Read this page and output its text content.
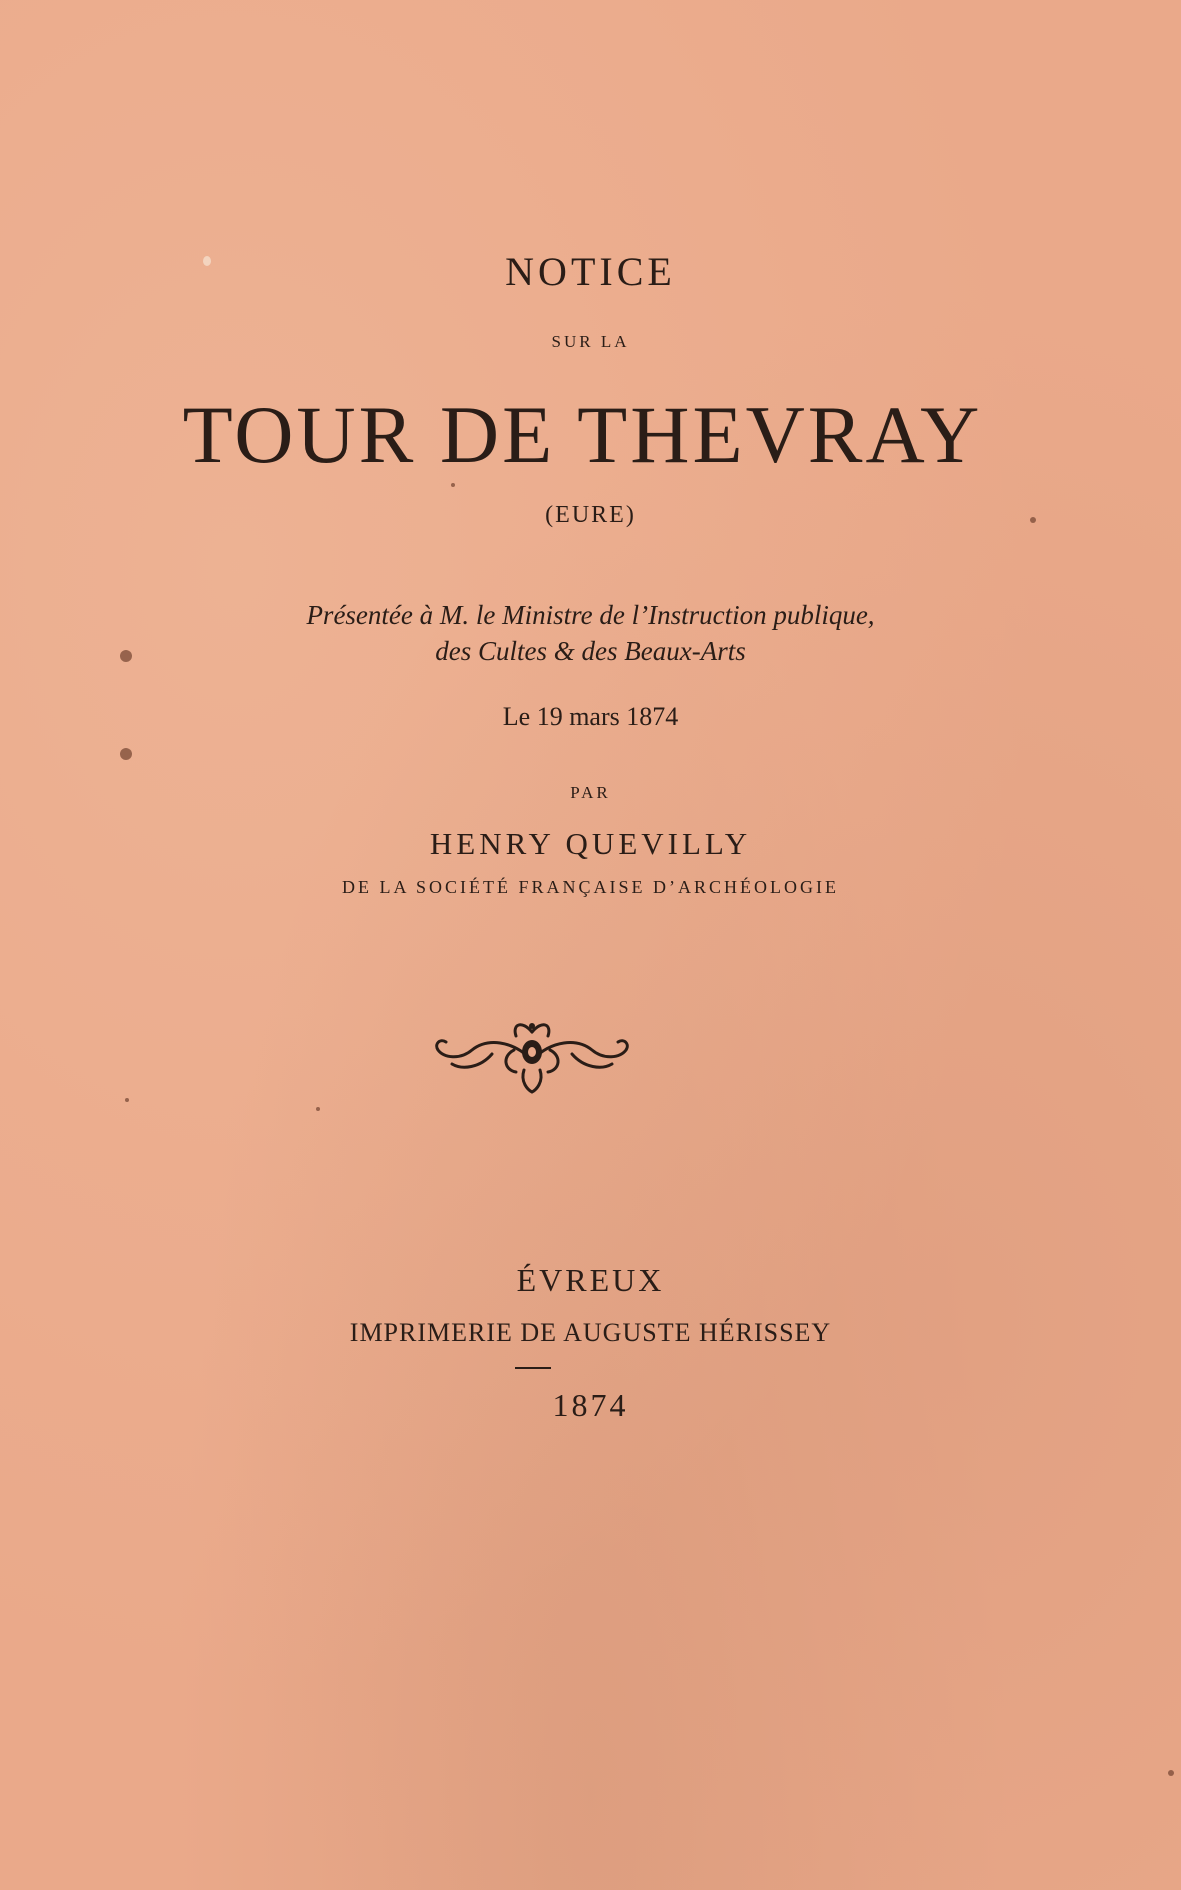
NOTICE

SUR LA

TOUR DE THEVRAY

(EURE)

Présentée à M. le Ministre de l’Instruction publique,

des Cultes & des Beaux-Arts

Le 19 mars 1874

PAR

HENRY QUEVILLY

DE LA SOCIÉTÉ FRANÇAISE D’ARCHÉOLOGIE

ÉVREUX

IMPRIMERIE DE AUGUSTE HÉRISSEY

1874
